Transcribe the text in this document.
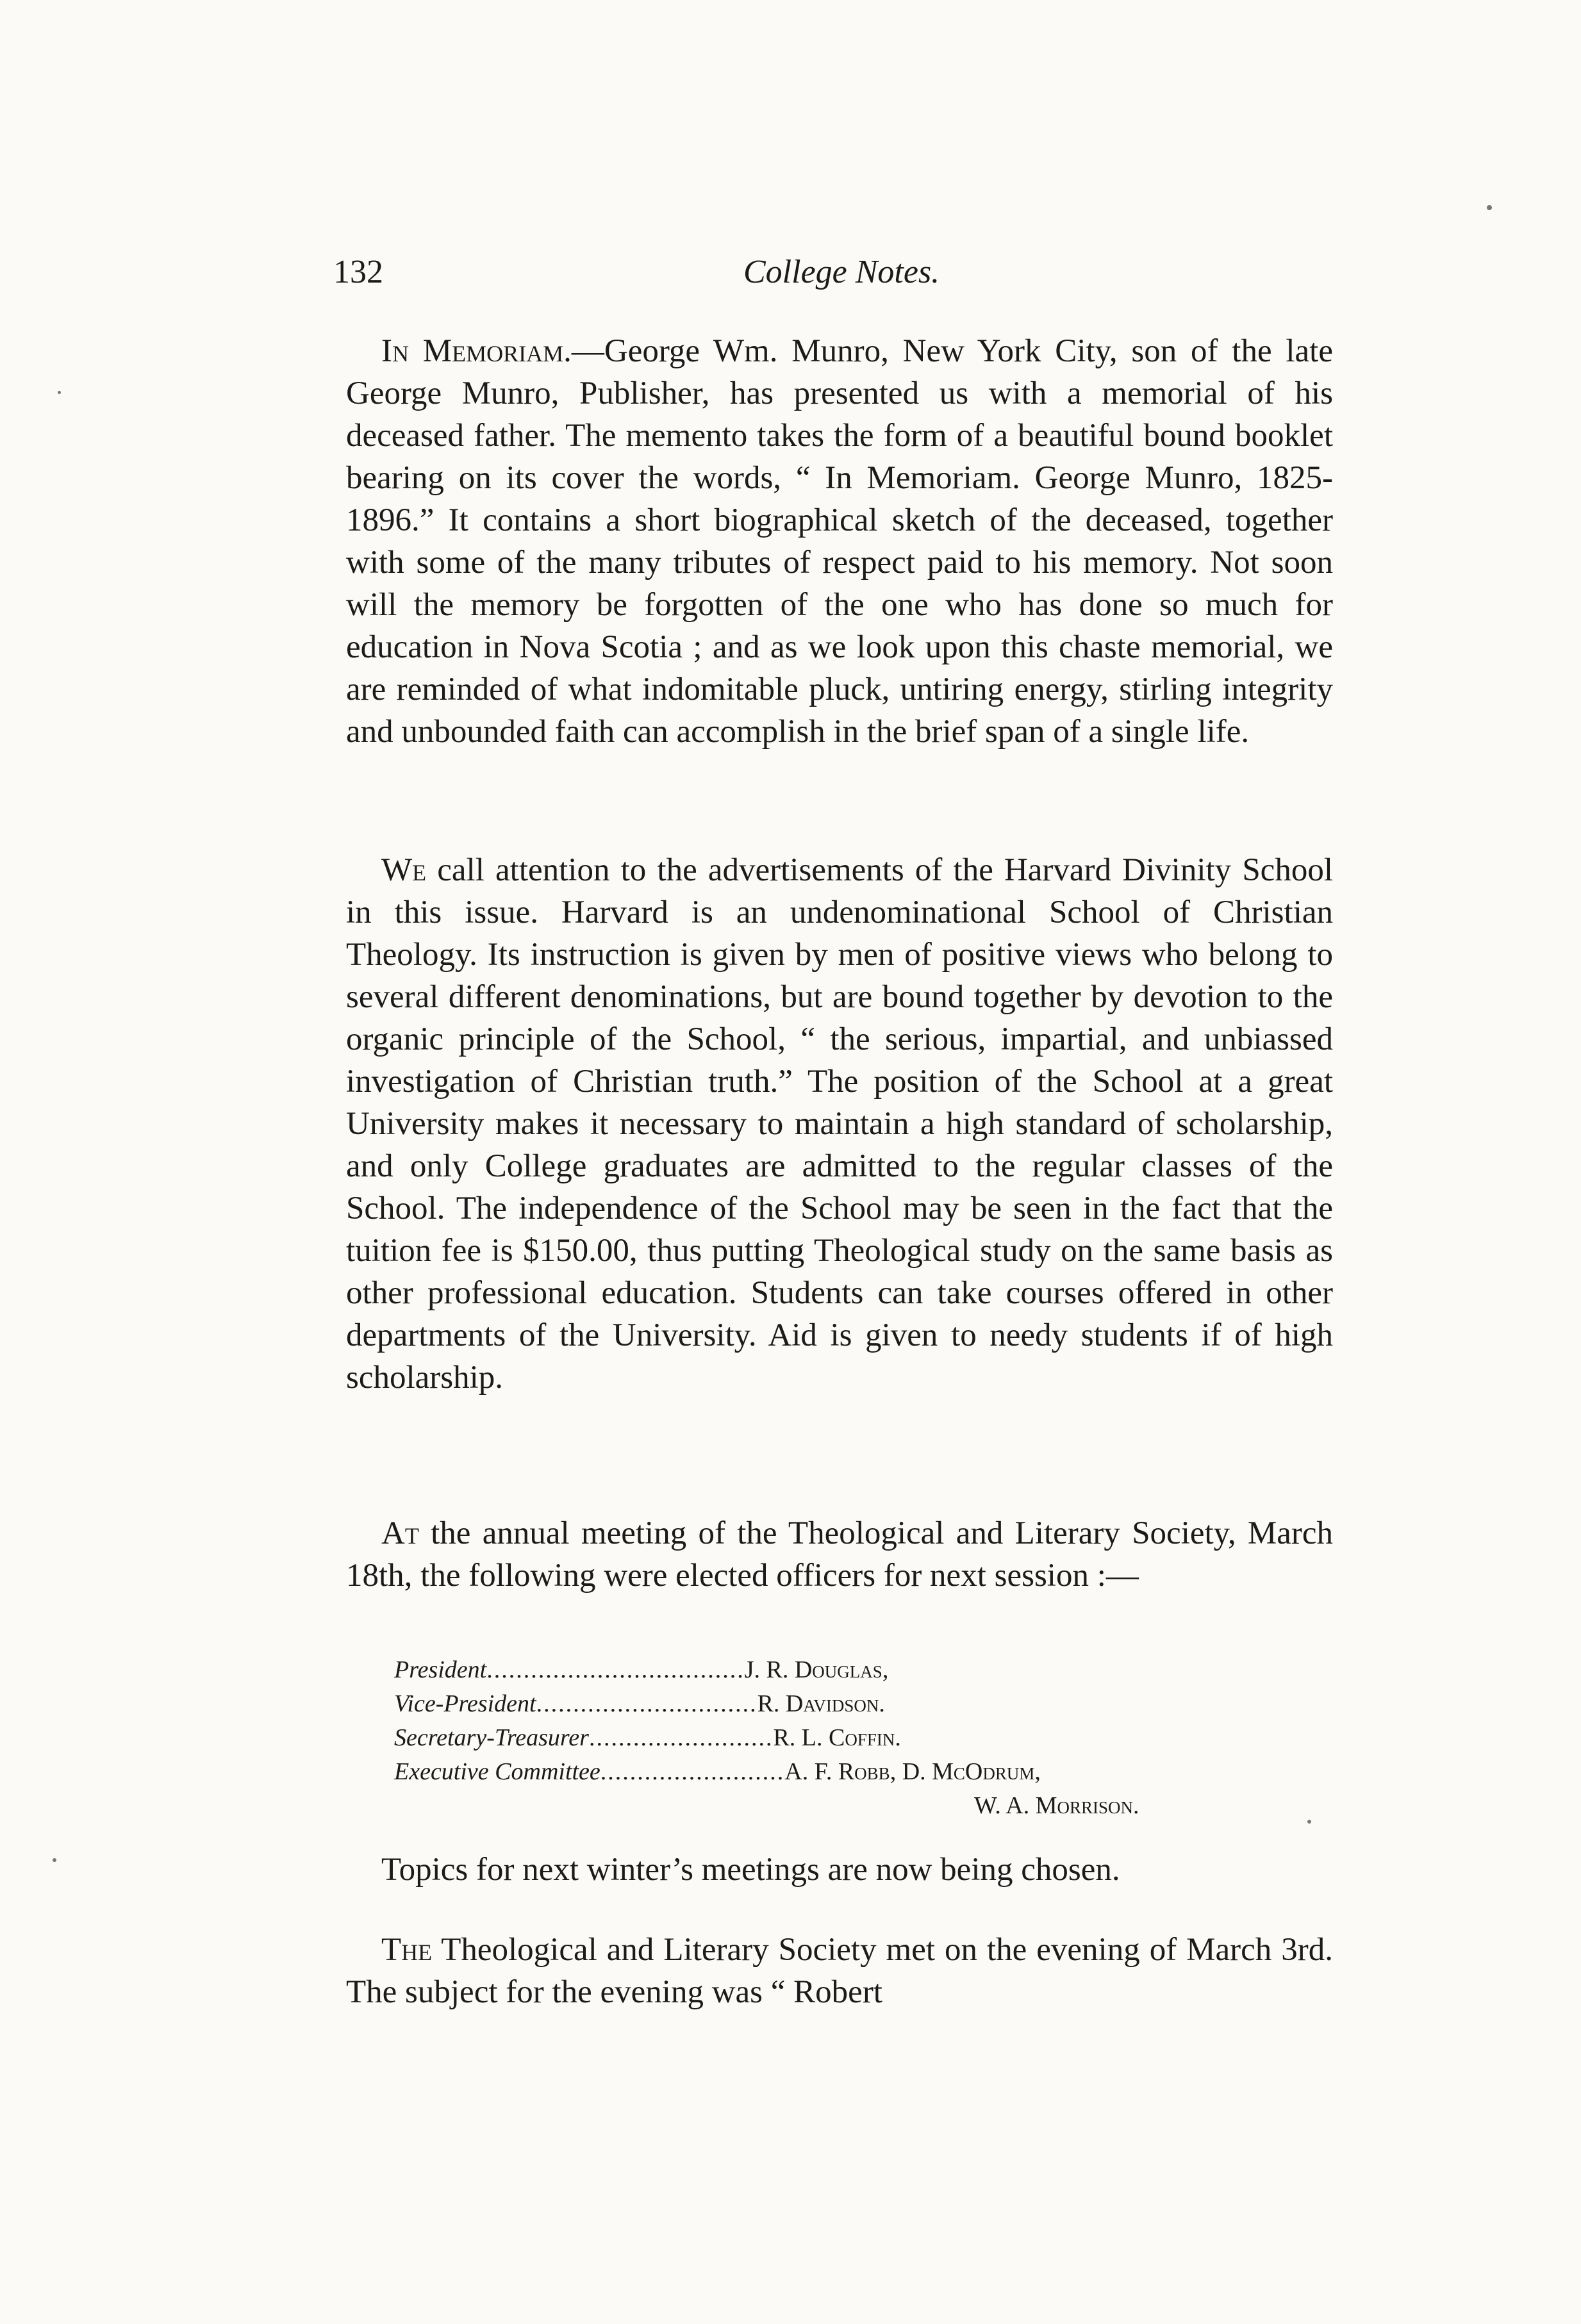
132	College Notes.

In Memoriam.—George Wm. Munro, New York City, son of the late George Munro, Publisher, has presented us with a memorial of his deceased father. The memento takes the form of a beautiful bound booklet bearing on its cover the words, “ In Memoriam. George Munro, 1825-1896.” It contains a short biographical sketch of the deceased, together with some of the many tributes of respect paid to his memory. Not soon will the memory be forgotten of the one who has done so much for education in Nova Scotia ; and as we look upon this chaste memorial, we are reminded of what indomitable pluck, untiring energy, stirling integrity and unbounded faith can accomplish in the brief span of a single life.

We call attention to the advertisements of the Harvard Divinity School in this issue. Harvard is an undenominational School of Christian Theology. Its instruction is given by men of positive views who belong to several different denominations, but are bound together by devotion to the organic principle of the School, “ the serious, impartial, and unbiassed investigation of Christian truth.” The position of the School at a great University makes it necessary to maintain a high standard of scholarship, and only College graduates are admitted to the regular classes of the School. The independence of the School may be seen in the fact that the tuition fee is $150.00, thus putting Theological study on the same basis as other professional education. Students can take courses offered in other departments of the University. Aid is given to needy students if of high scholarship.

At the annual meeting of the Theological and Literary Society, March 18th, the following were elected officers for next session :—

President ................................... J. R. Douglas,
Vice-President .............................. R. Davidson.
Secretary-Treasurer ......................... R. L. Coffin.
Executive Committee ......................... A. F. Robb, D. McOdrum,
W. A. Morrison.

Topics for next winter’s meetings are now being chosen.

The Theological and Literary Society met on the evening of March 3rd. The subject for the evening was “ Robert
